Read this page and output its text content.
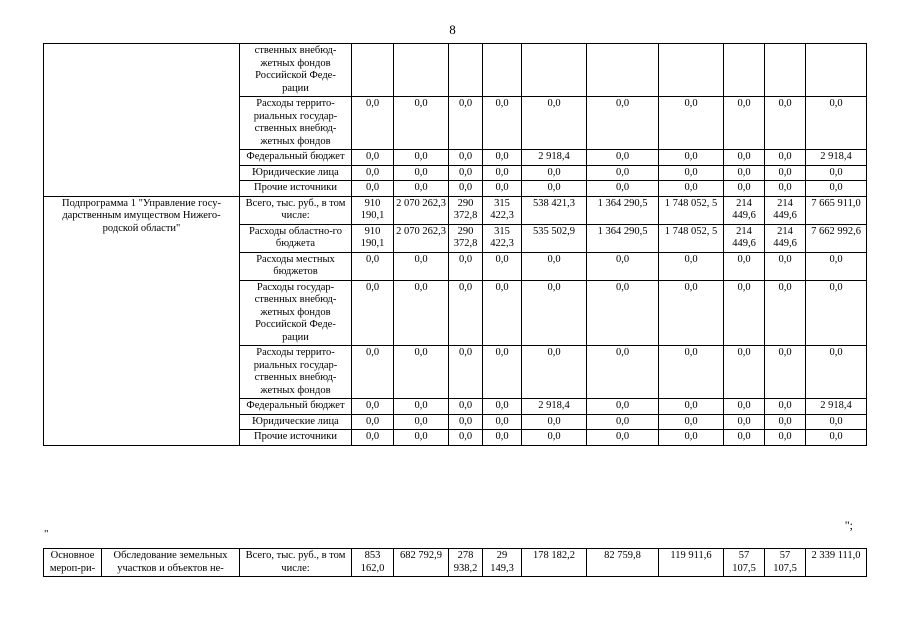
8
	ственных внебюд-жетных фондов Российской Феде-рации										
	Расходы террито-риальных государ-ственных внебюд-жетных фондов	0,0	0,0	0,0	0,0	0,0	0,0	0,0	0,0	0,0	0,0
	Федеральный бюджет	0,0	0,0	0,0	0,0	2 918,4	0,0	0,0	0,0	0,0	2 918,4
	Юридические лица	0,0	0,0	0,0	0,0	0,0	0,0	0,0	0,0	0,0	0,0
	Прочие источники	0,0	0,0	0,0	0,0	0,0	0,0	0,0	0,0	0,0	0,0
Подпрограмма 1 "Управление госу-дарственным имуществом Нижего-родской области"	Всего, тыс. руб., в том числе:	910 190,1	2 070 262,3	290 372,8	315 422,3	538 421,3	1 364 290,5	1 748 052, 5	214 449,6	214 449,6	7 665 911,0
	Расходы областно-го бюджета	910 190,1	2 070 262,3	290 372,8	315 422,3	535 502,9	1 364 290,5	1 748 052, 5	214 449,6	214 449,6	7 662 992,6
	Расходы местных бюджетов	0,0	0,0	0,0	0,0	0,0	0,0	0,0	0,0	0,0	0,0
	Расходы государ-ственных внебюд-жетных фондов Российской Феде-рации	0,0	0,0	0,0	0,0	0,0	0,0	0,0	0,0	0,0	0,0
	Расходы террито-риальных государ-ственных внебюд-жетных фондов	0,0	0,0	0,0	0,0	0,0	0,0	0,0	0,0	0,0	0,0
	Федеральный бюджет	0,0	0,0	0,0	0,0	2 918,4	0,0	0,0	0,0	0,0	2 918,4
	Юридические лица	0,0	0,0	0,0	0,0	0,0	0,0	0,0	0,0	0,0	0,0
	Прочие источники	0,0	0,0	0,0	0,0	0,0	0,0	0,0	0,0	0,0	0,0
";
"
Основное мероп-ри-	Обследование земельных участков и объектов не-	Всего, тыс. руб., в том числе:	853 162,0	682 792,9	278 938,2	29 149,3	178 182,2	82 759,8	119 911,6	57 107,5	57 107,5	2 339 111,0
